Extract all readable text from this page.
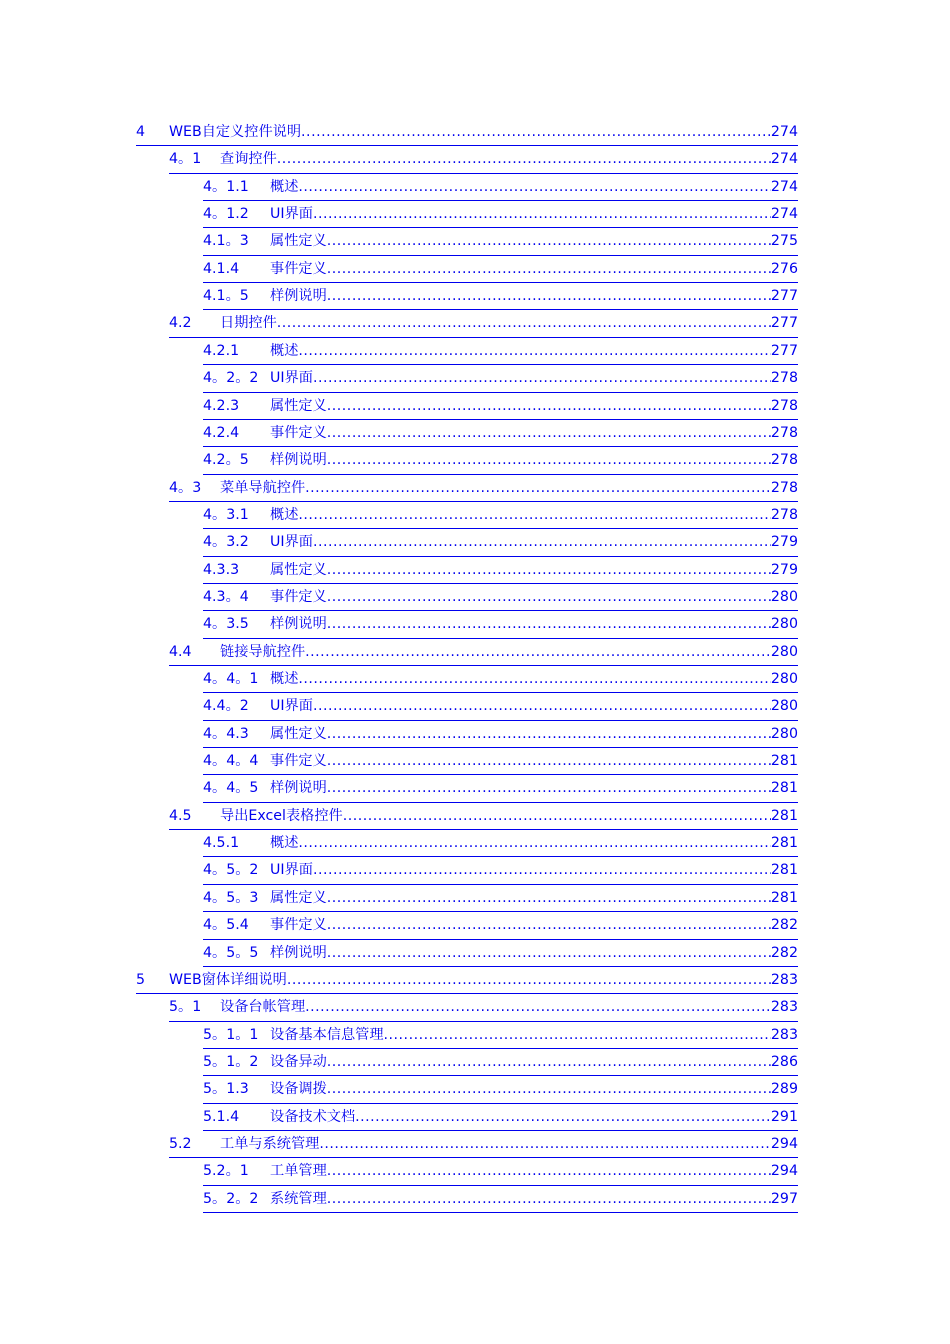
4	WEB自定义控件说明 .....	274
4。1	查询控件 .....	274
4。1.1	概述 .....	274
4。1.2	UI界面 .....	274
4.1。3	属性定义 .....	275
4.1.4	事件定义 .....	276
4.1。5	样例说明 .....	277
4.2	日期控件 .....	277
4.2.1	概述 .....	277
4。2。2 UI界面 .....	278
4.2.3	属性定义 .....	278
4.2.4	事件定义 .....	278
4.2。5	样例说明 .....	278
4。3	菜单导航控件 .....	278
4。3.1	概述 .....	278
4。3.2	UI界面 .....	279
4.3.3	属性定义 .....	279
4.3。4	事件定义 .....	280
4。3.5	样例说明 .....	280
4.4	链接导航控件 .....	280
4。4。1 概述 .....	280
4.4。2	UI界面 .....	280
4。4.3	属性定义 .....	280
4。4。4 事件定义 .....	281
4。4。5 样例说明 .....	281
4.5	导出Excel表格控件 .....	281
4.5.1	概述 .....	281
4。5。2 UI界面 .....	281
4。5。3 属性定义 .....	281
4。5.4	事件定义 .....	282
4。5。5 样例说明 .....	282
5	WEB窗体详细说明 .....	283
5。1	设备台帐管理 .....	283
5。1。1 设备基本信息管理 .....	283
5。1。2 设备异动 .....	286
5。1.3	设备调拨 .....	289
5.1.4	设备技术文档 .....	291
5.2	工单与系统管理 .....	294
5.2。1	工单管理 .....	294
5。2。2 系统管理 .....	297
